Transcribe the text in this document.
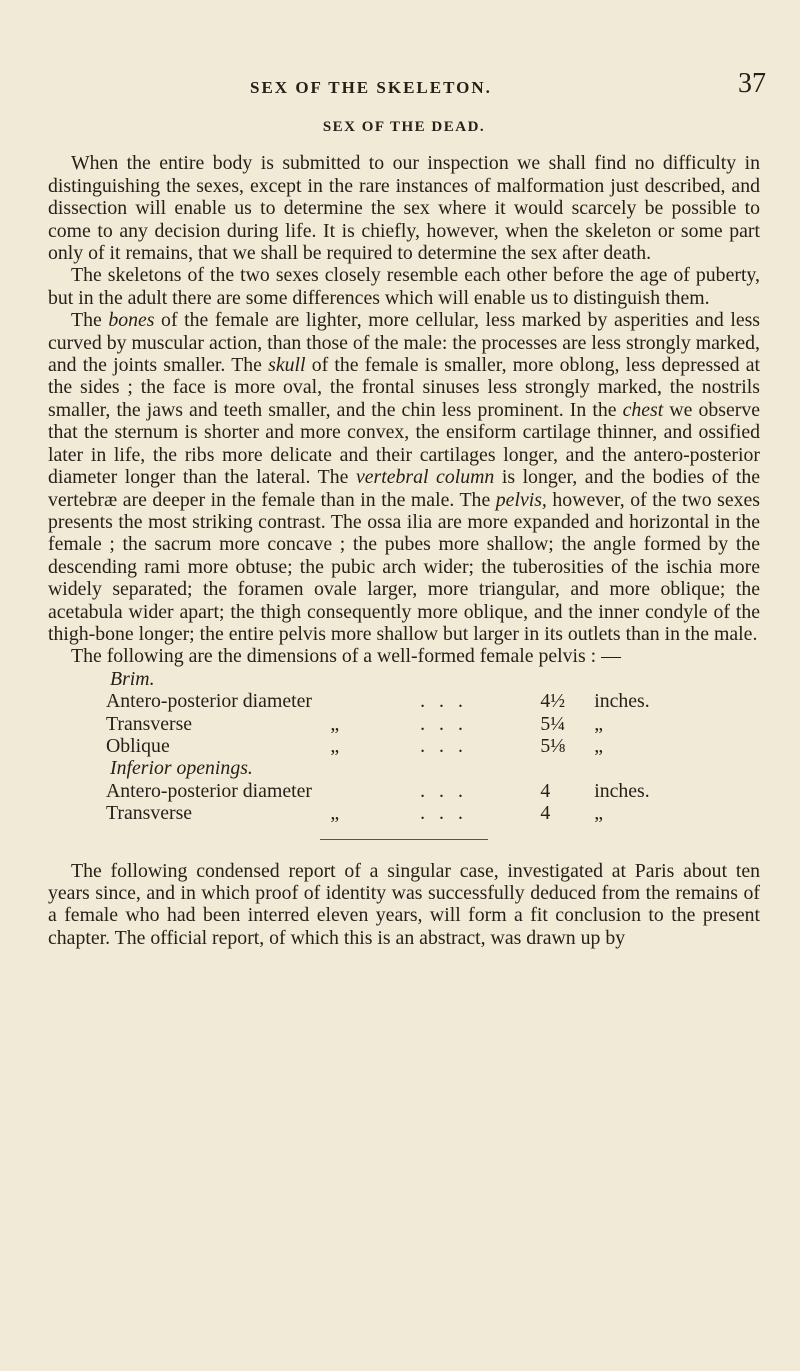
SEX OF THE SKELETON.	37
SEX OF THE DEAD.

When the entire body is submitted to our inspection we shall find no difficulty in distinguishing the sexes, except in the rare instances of malformation just described, and dissection will enable us to determine the sex where it would scarcely be possible to come to any decision during life. It is chiefly, however, when the skeleton or some part only of it remains, that we shall be required to determine the sex after death.

The skeletons of the two sexes closely resemble each other before the age of puberty, but in the adult there are some differences which will enable us to distinguish them.

The bones of the female are lighter, more cellular, less marked by asperities and less curved by muscular action, than those of the male: the processes are less strongly marked, and the joints smaller. The skull of the female is smaller, more oblong, less depressed at the sides ; the face is more oval, the frontal sinuses less strongly marked, the nostrils smaller, the jaws and teeth smaller, and the chin less prominent. In the chest we observe that the sternum is shorter and more convex, the ensiform cartilage thinner, and ossified later in life, the ribs more delicate and their cartilages longer, and the antero-posterior diameter longer than the lateral. The vertebral column is longer, and the bodies of the vertebræ are deeper in the female than in the male. The pelvis, however, of the two sexes presents the most striking contrast. The ossa ilia are more expanded and horizontal in the female ; the sacrum more concave ; the pubes more shallow; the angle formed by the descending rami more obtuse; the pubic arch wider; the tuberosities of the ischia more widely separated; the foramen ovale larger, more triangular, and more oblique; the acetabula wider apart; the thigh consequently more oblique, and the inner condyle of the thigh-bone longer; the entire pelvis more shallow but larger in its outlets than in the male.

The following are the dimensions of a well-formed female pelvis : —

Brim.
Antero-posterior diameter	...	4½	inches.
Transverse	„	...	5¼	„
Oblique	„	...	5⅛	„
Inferior openings.
Antero-posterior diameter	...	4	inches.
Transverse	„	...	4	„

The following condensed report of a singular case, investigated at Paris about ten years since, and in which proof of identity was successfully deduced from the remains of a female who had been interred eleven years, will form a fit conclusion to the present chapter. The official report, of which this is an abstract, was drawn up by
